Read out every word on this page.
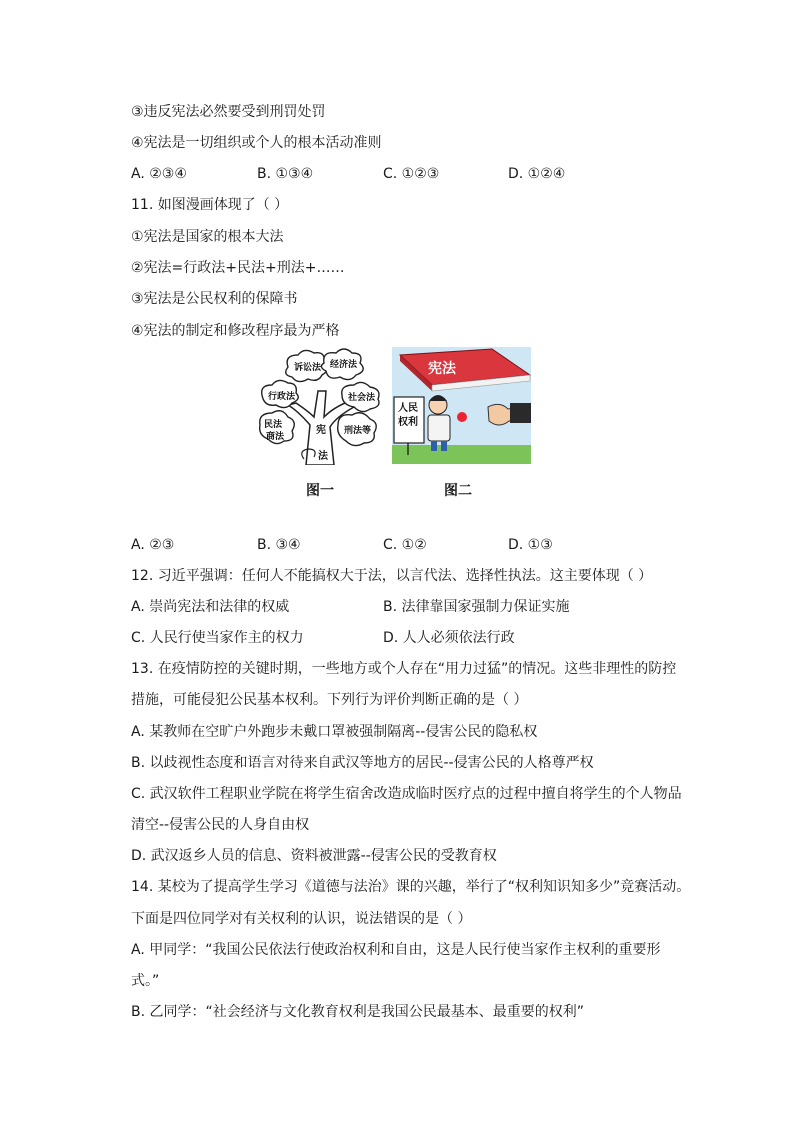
③违反宪法必然要受到刑罚处罚
④宪法是一切组织或个人的根本活动准则
A. ②③④	B. ①③④	C. ①②③	D. ①②④
11. 如图漫画体现了（ ）
①宪法是国家的根本大法
②宪法=行政法+民法+刑法+……
③宪法是公民权利的保障书
④宪法的制定和修改程序最为严格
诉讼法 经济法
行政法	社会法
民法
商法
刑法等
宪
法
宪法
人民
权利
图一	图二
A. ②③	B. ③④	C. ①②	D. ①③
12. 习近平强调：任何人不能搞权大于法，以言代法、选择性执法。这主要体现（ ）
A. 崇尚宪法和法律的权威	B. 法律靠国家强制力保证实施
C. 人民行使当家作主的权力	D. 人人必须依法行政
13. 在疫情防控的关键时期，一些地方或个人存在“用力过猛”的情况。这些非理性的防控
措施，可能侵犯公民基本权利。下列行为评价判断正确的是（ ）
A. 某教师在空旷户外跑步未戴口罩被强制隔离--侵害公民的隐私权
B. 以歧视性态度和语言对待来自武汉等地方的居民--侵害公民的人格尊严权
C. 武汉软件工程职业学院在将学生宿舍改造成临时医疗点的过程中擅自将学生的个人物品
清空--侵害公民的人身自由权
D. 武汉返乡人员的信息、资料被泄露--侵害公民的受教育权
14. 某校为了提高学生学习《道德与法治》课的兴趣，举行了“权利知识知多少”竞赛活动。
下面是四位同学对有关权利的认识，说法错误的是（ ）
A. 甲同学：“我国公民依法行使政治权利和自由，这是人民行使当家作主权利的重要形
式。”
B. 乙同学：“社会经济与文化教育权利是我国公民最基本、最重要的权利”
